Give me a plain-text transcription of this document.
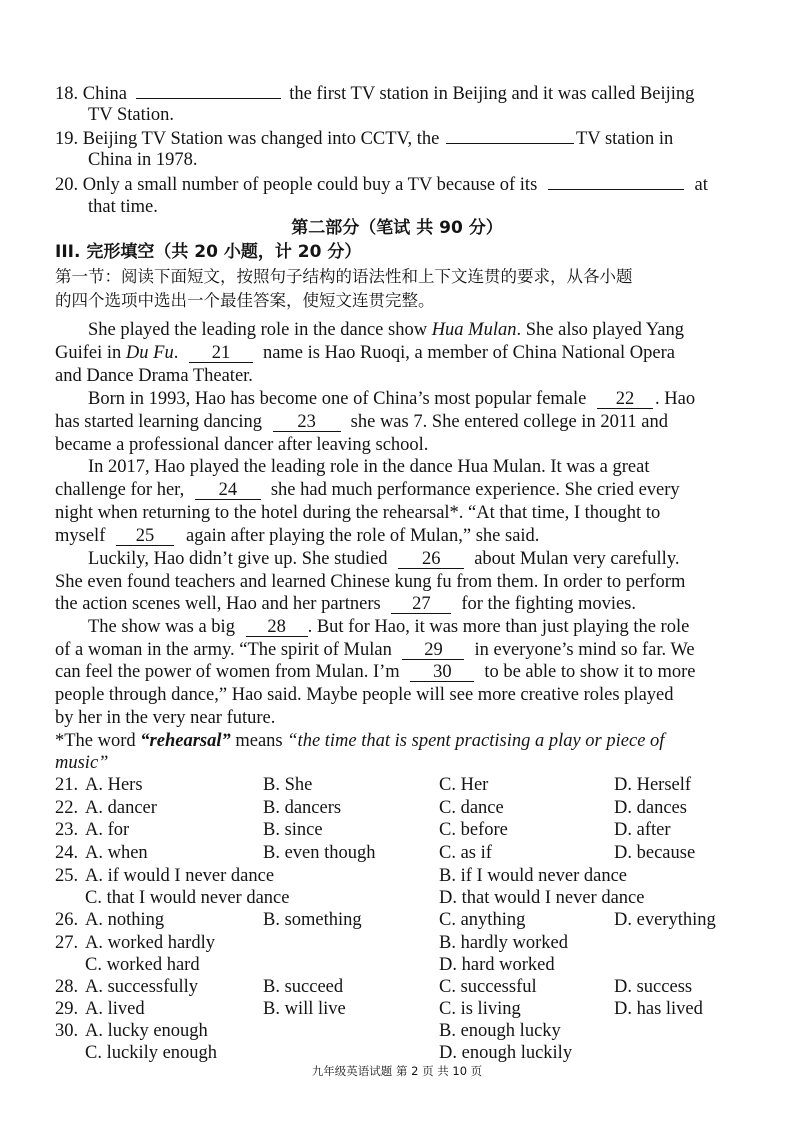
18. China	the first TV station in Beijing and it was called Beijing
TV Station.
19. Beijing TV Station was changed into CCTV, the	TV station in
China in 1978.
20. Only a small number of people could buy a TV because of its	at
that time.
第二部分（笔试 共 90 分）
III. 完形填空（共 20 小题，计 20 分）
第一节：阅读下面短文，按照句子结构的语法性和上下文连贯的要求，从各小题
的四个选项中选出一个最佳答案，使短文连贯完整。
She played the leading role in the dance show Hua Mulan. She also played Yang
Guifei in Du Fu. 21 name is Hao Ruoqi, a member of China National Opera
and Dance Drama Theater.
Born in 1993, Hao has become one of China’s most popular female 22 . Hao
has started learning dancing 23 she was 7. She entered college in 2011 and
became a professional dancer after leaving school.
In 2017, Hao played the leading role in the dance Hua Mulan. It was a great
challenge for her, 24 she had much performance experience. She cried every
night when returning to the hotel during the rehearsal*. “At that time, I thought to
myself 25 again after playing the role of Mulan,” she said.
Luckily, Hao didn’t give up. She studied 26 about Mulan very carefully.
She even found teachers and learned Chinese kung fu from them. In order to perform
the action scenes well, Hao and her partners 27 for the fighting movies.
The show was a big 28 . But for Hao, it was more than just playing the role
of a woman in the army. “The spirit of Mulan 29 in everyone’s mind so far. We
can feel the power of women from Mulan. I’m 30 to be able to show it to more
people through dance,” Hao said. Maybe people will see more creative roles played
by her in the very near future.
*The word “rehearsal” means “the time that is spent practising a play or piece of
music”
21. A. Hers	B. She	C. Her	D. Herself
22. A. dancer	B. dancers	C. dance	D. dances
23. A. for	B. since	C. before	D. after
24. A. when	B. even though	C. as if	D. because
25. A. if would I never dance	B. if I would never dance
C. that I would never dance	D. that would I never dance
26. A. nothing	B. something	C. anything	D. everything
27. A. worked hardly	B. hardly worked
C. worked hard	D. hard worked
28. A. successfully	B. succeed	C. successful	D. success
29. A. lived	B. will live	C. is living	D. has lived
30. A. lucky enough	B. enough lucky
C. luckily enough	D. enough luckily
九年级英语试题 第 2 页 共 10 页
